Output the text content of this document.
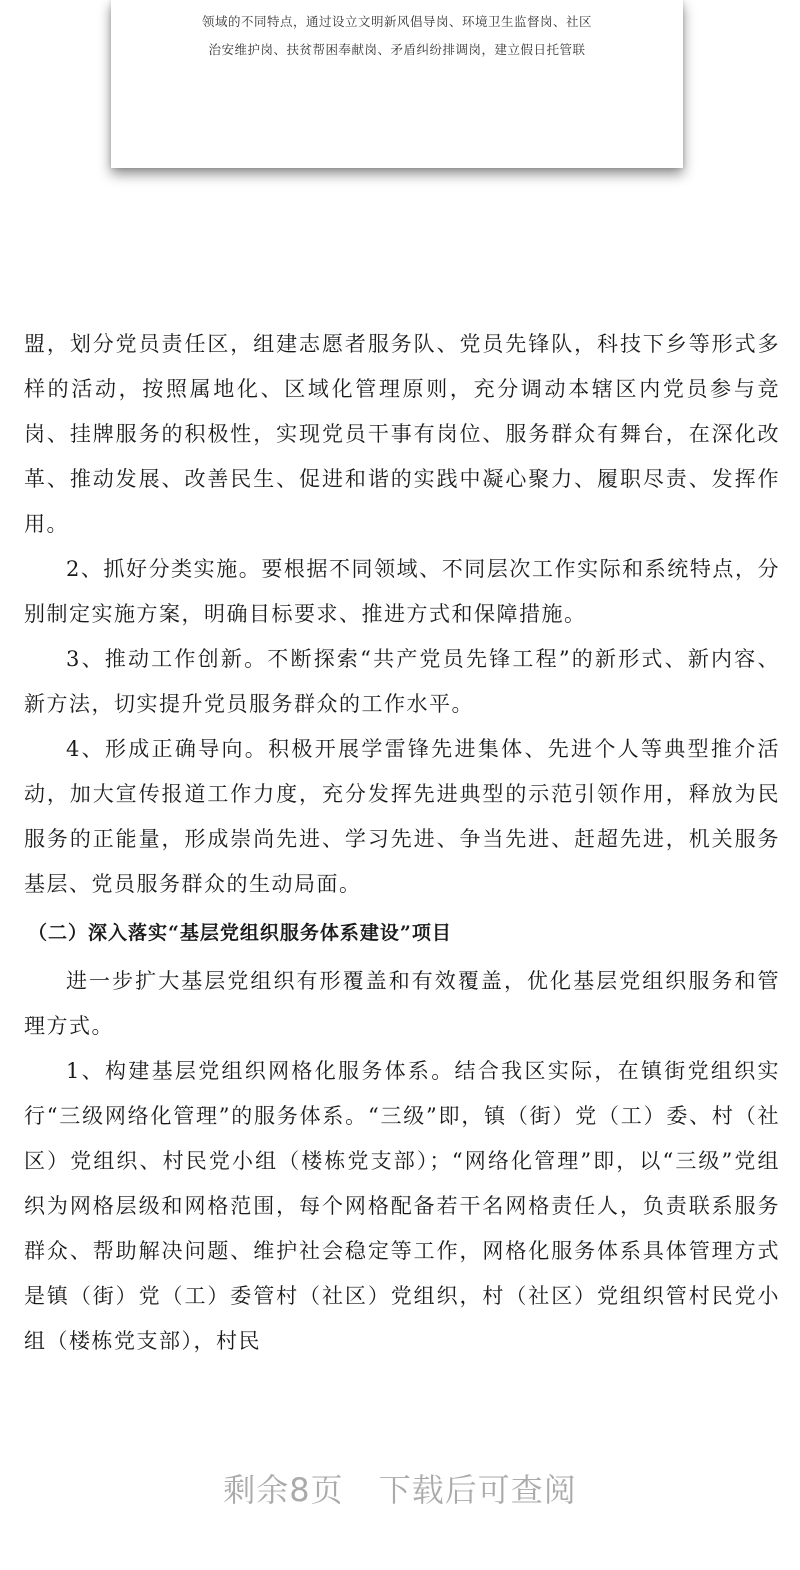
领域的不同特点，通过设立文明新风倡导岗、环境卫生监督岗、社区
治安维护岗、扶贫帮困奉献岗、矛盾纠纷排调岗，建立假日托管联

盟，划分党员责任区，组建志愿者服务队、党员先锋队，科技下乡等形式多样的活动，按照属地化、区域化管理原则，充分调动本辖区内党员参与竞岗、挂牌服务的积极性，实现党员干事有岗位、服务群众有舞台，在深化改革、推动发展、改善民生、促进和谐的实践中凝心聚力、履职尽责、发挥作用。

2、抓好分类实施。要根据不同领域、不同层次工作实际和系统特点，分别制定实施方案，明确目标要求、推进方式和保障措施。

3、推动工作创新。不断探索“共产党员先锋工程”的新形式、新内容、新方法，切实提升党员服务群众的工作水平。

4、形成正确导向。积极开展学雷锋先进集体、先进个人等典型推介活动，加大宣传报道工作力度，充分发挥先进典型的示范引领作用，释放为民服务的正能量，形成崇尚先进、学习先进、争当先进、赶超先进，机关服务基层、党员服务群众的生动局面。

（二）深入落实“基层党组织服务体系建设”项目

进一步扩大基层党组织有形覆盖和有效覆盖，优化基层党组织服务和管理方式。

1、构建基层党组织网格化服务体系。结合我区实际，在镇街党组织实行“三级网络化管理”的服务体系。“三级”即，镇（街）党（工）委、村（社区）党组织、村民党小组（楼栋党支部）；“网络化管理”即，以“三级”党组织为网格层级和网格范围，每个网格配备若干名网格责任人，负责联系服务群众、帮助解决问题、维护社会稳定等工作，网格化服务体系具体管理方式是镇（街）党（工）委管村（社区）党组织，村（社区）党组织管村民党小组（楼栋党支部），村民

剩余8页 下载后可查阅
